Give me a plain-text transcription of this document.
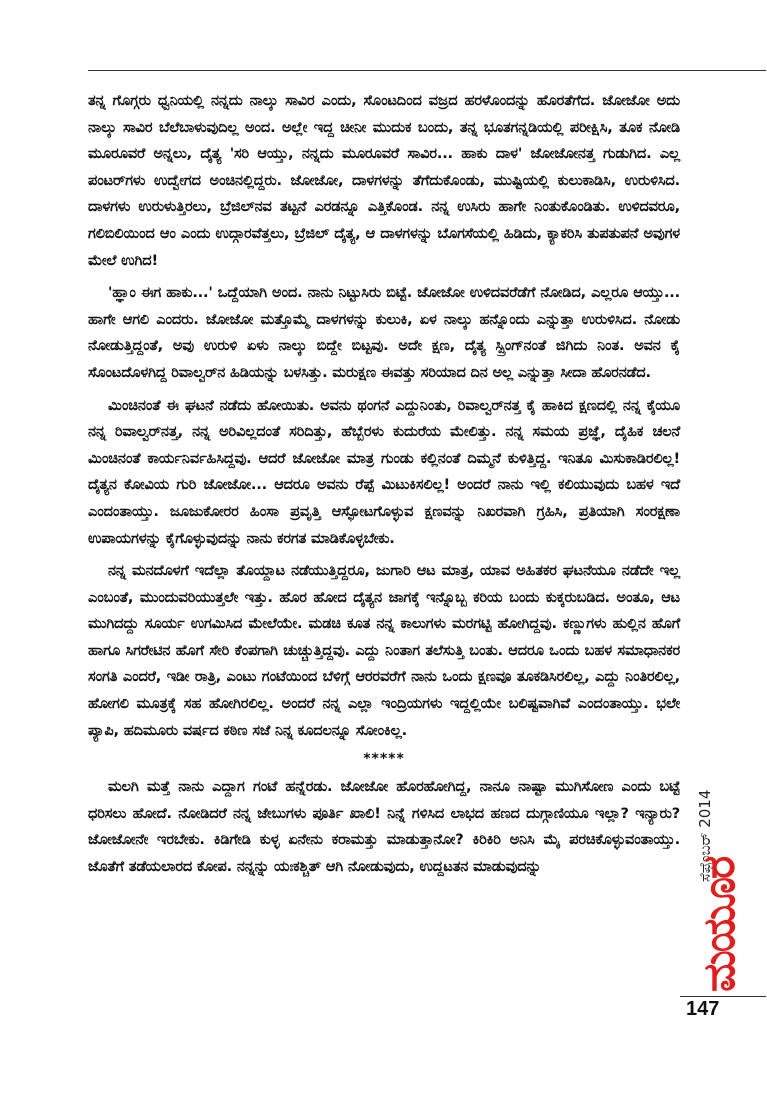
ತನ್ನ ಗೊಗ್ಗರು ಧ್ವನಿಯಲ್ಲಿ ನನ್ನದು ನಾಲ್ಕು ಸಾವಿರ ಎಂದು, ಸೊಂಟದಿಂದ ವಜ್ರದ ಹರಳೊಂದನ್ನು ಹೊರತೆಗೆದ. ಜೋಜೋ ಅದು ನಾಲ್ಕು ಸಾವಿರ ಬೆಲೆಬಾಳುವುದಿಲ್ಲ ಅಂದ. ಅಲ್ಲೇ ಇದ್ದ ಚೀನೀ ಮುದುಕ ಬಂದು, ತನ್ನ ಭೂತಗನ್ನಡಿಯಲ್ಲಿ ಪರೀಕ್ಷಿಸಿ, ತೂಕ ನೋಡಿ ಮೂರೂವರೆ ಅನ್ನಲು, ದೈತ್ಯ 'ಸರಿ ಆಯ್ತು, ನನ್ನದು ಮೂರೂವರೆ ಸಾವಿರ... ಹಾಕು ದಾಳ' ಜೋಜೋನತ್ತ ಗುಡುಗಿದ. ಎಲ್ಲ ಪಂಟರ್‌ಗಳು ಉದ್ವೇಗದ ಅಂಚಿನಲ್ಲಿದ್ದರು. ಜೋಜೋ, ದಾಳಗಳನ್ನು ತೆಗೆದುಕೊಂಡು, ಮುಷ್ಟಿಯಲ್ಲಿ ಕುಲುಕಾಡಿಸಿ, ಉರುಳಿಸಿದ. ದಾಳಗಳು ಉರುಳುತ್ತಿರಲು, ಬ್ರೆಜಿಲ್‌ನವ ತಟ್ಟನೆ ಎರಡನ್ನೂ ಎತ್ತಿಕೊಂಡ. ನನ್ನ ಉಸಿರು ಹಾಗೇ ನಿಂತುಕೊಂಡಿತು. ಉಳಿದವರೂ, ಗಲಿಬಿಲಿಯಿಂದ ಆಂ ಎಂದು ಉದ್ಗಾರವೆತ್ತಲು, ಬ್ರೆಜಿಲ್ ದೈತ್ಯ, ಆ ದಾಳಗಳನ್ನು ಬೊಗಸೆಯಲ್ಲಿ ಹಿಡಿದು, ಕ್ಯಾಕರಿಸಿ ತುಪತುಪನೆ ಅವುಗಳ ಮೇಲೆ ಉಗಿದ!

'ಹ್ಞಾಂ ಈಗ ಹಾಕು...' ಒದ್ದೆಯಾಗಿ ಅಂದ. ನಾನು ನಿಟ್ಟುಸಿರು ಬಿಟ್ಟೆ. ಜೋಜೋ ಉಳಿದವರೆಡೆಗೆ ನೋಡಿದ, ಎಲ್ಲರೂ ಆಯ್ತು... ಹಾಗೇ ಆಗಲಿ ಎಂದರು. ಜೋಜೋ ಮತ್ತೊಮ್ಮೆ ದಾಳಗಳನ್ನು ಕುಲುಕಿ, ಏಳ ನಾಲ್ಕು ಹನ್ನೊಂದು ಎನ್ನುತ್ತಾ ಉರುಳಿಸಿದ. ನೋಡು ನೋಡುತ್ತಿದ್ದಂತೆ, ಅವು ಉರುಳಿ ಏಳು ನಾಲ್ಕು ಬಿದ್ದೇ ಬಿಟ್ಟವು. ಅದೇ ಕ್ಷಣ, ದೈತ್ಯ ಸ್ಪ್ರಿಂಗ್‌ನಂತೆ ಜಿಗಿದು ನಿಂತ. ಅವನ ಕೈ ಸೊಂಟದೊಳಗಿದ್ದ ರಿವಾಲ್ವರ್‌ನ ಹಿಡಿಯನ್ನು ಬಳಸಿತ್ತು. ಮರುಕ್ಷಣ ಈವತ್ತು ಸರಿಯಾದ ದಿನ ಅಲ್ಲ ಎನ್ನುತ್ತಾ ಸೀದಾ ಹೊರನಡೆದ.

ಮಿಂಚಿನಂತೆ ಈ ಘಟನೆ ನಡೆದು ಹೋಯಿತು. ಅವನು ಥಂಗನೆ ಎದ್ದುನಿಂತು, ರಿವಾಲ್ವರ್‌ನತ್ತ ಕೈ ಹಾಕಿದ ಕ್ಷಣದಲ್ಲಿ ನನ್ನ ಕೈಯೂ ನನ್ನ ರಿವಾಲ್ವರ್‌ನತ್ತ, ನನ್ನ ಅರಿವಿಲ್ಲದಂತೆ ಸರಿದಿತ್ತು, ಹೆಬ್ಬೆರಳು ಕುದುರೆಯ ಮೇಲಿತ್ತು. ನನ್ನ ಸಮಯ ಪ್ರಜ್ಞೆ, ದೈಹಿಕ ಚಲನೆ ಮಿಂಚಿನಂತೆ ಕಾರ್ಯನಿರ್ವಹಿಸಿದ್ದವು. ಆದರೆ ಜೋಜೋ ಮಾತ್ರ ಗುಂಡು ಕಲ್ಲಿನಂತೆ ದಿಮ್ಮನೆ ಕುಳಿತ್ತಿದ್ದ. ಇನಿತೂ ಮಿಸುಕಾಡಿರಲಿಲ್ಲ! ದೈತ್ಯನ ಕೋವಿಯ ಗುರಿ ಜೋಜೋ... ಆದರೂ ಅವನು ರೆಪ್ಪೆ ಮಿಟುಕಿಸಲಿಲ್ಲ! ಅಂದರೆ ನಾನು ಇಲ್ಲಿ ಕಲಿಯುವುದು ಬಹಳ ಇದೆ ಎಂದಂತಾಯ್ತು. ಜೂಜುಕೋರರ ಹಿಂಸಾ ಪ್ರವೃತ್ತಿ ಆಸ್ಫೋಟಗೊಳ್ಳುವ ಕ್ಷಣವನ್ನು ನಿಖರವಾಗಿ ಗ್ರಹಿಸಿ, ಪ್ರತಿಯಾಗಿ ಸಂರಕ್ಷಣಾ ಉಪಾಯಗಳನ್ನು ಕೈಗೊಳ್ಳುವುದನ್ನು ನಾನು ಕರಗತ ಮಾಡಿಕೊಳ್ಳಬೇಕು.

ನನ್ನ ಮನದೊಳಗೆ ಇದೆಲ್ಲಾ ತೊಯ್ದಾಟ ನಡೆಯುತ್ತಿದ್ದರೂ, ಜುಗಾರಿ ಆಟ ಮಾತ್ರ, ಯಾವ ಅಹಿತಕರ ಘಟನೆಯೂ ನಡೆದೇ ಇಲ್ಲ ಎಂಬಂತೆ, ಮುಂದುವರಿಯುತ್ತಲೇ ಇತ್ತು. ಹೊರ ಹೋದ ದೈತ್ಯನ ಜಾಗಕ್ಕೆ ಇನ್ನೊಬ್ಬ ಕರಿಯ ಬಂದು ಕುಕ್ಕರುಬಡಿದ. ಅಂತೂ, ಆಟ ಮುಗಿದದ್ದು ಸೂರ್ಯ ಉಗಮಿಸಿದ ಮೇಲೆಯೇ. ಮಡಚಿ ಕೂತ ನನ್ನ ಕಾಲುಗಳು ಮರಗಟ್ಟಿ ಹೋಗಿದ್ದವು. ಕಣ್ಣುಗಳು ಹುಲ್ಲಿನ ಹೊಗೆ ಹಾಗೂ ಸಿಗರೇಟಿನ ಹೊಗೆ ಸೇರಿ ಕೆಂಪಗಾಗಿ ಚುಚ್ಚುತ್ತಿದ್ದವು. ಎದ್ದು ನಿಂತಾಗ ತಲೆಸುತ್ತಿ ಬಂತು. ಆದರೂ ಒಂದು ಬಹಳ ಸಮಾಧಾನಕರ ಸಂಗತಿ ಎಂದರೆ, ಇಡೀ ರಾತ್ರಿ, ಎಂಟು ಗಂಟೆಯಿಂದ ಬೆಳಿಗ್ಗೆ ಆರರವರೆಗೆ ನಾನು ಒಂದು ಕ್ಷಣವೂ ತೂಕಡಿಸಿರಲಿಲ್ಲ, ಎದ್ದು ನಿಂತಿರಲಿಲ್ಲ, ಹೋಗಲಿ ಮೂತ್ರಕ್ಕೆ ಸಹ ಹೋಗಿರಲಿಲ್ಲ. ಅಂದರೆ ನನ್ನ ಎಲ್ಲಾ ಇಂದ್ರಿಯಗಳು ಇದ್ದಲ್ಲಿಯೇ ಬಲಿಷ್ಟವಾಗಿವೆ ಎಂದಂತಾಯ್ತು. ಭಲೇ ಪ್ಯಾಪಿ, ಹದಿಮೂರು ವರ್ಷದ ಕಠಿಣ ಸಜೆ ನಿನ್ನ ಕೂದಲನ್ನೂ ಸೋಂಕಿಲ್ಲ.

*****

ಮಲಗಿ ಮತ್ತೆ ನಾನು ಎದ್ದಾಗ ಗಂಟೆ ಹನ್ನೆರಡು. ಜೋಜೋ ಹೊರಹೋಗಿದ್ದ, ನಾನೂ ನಾಷ್ಟಾ ಮುಗಿಸೋಣ ಎಂದು ಬಟ್ಟೆ ಧರಿಸಲು ಹೋದೆ. ನೋಡಿದರೆ ನನ್ನ ಜೇಬುಗಳು ಪೂರ್ತಿ ಖಾಲಿ! ನಿನ್ನೆ ಗಳಿಸಿದ ಲಾಭದ ಹಣದ ದುಗ್ಗಾಣಿಯೂ ಇಲ್ಲಾ? ಇನ್ಯಾರು? ಜೋಜೋನೇ ಇರಬೇಕು. ಕಿಡಿಗೇಡಿ ಕುಳ್ಳ ಏನೇನು ಕರಾಮತ್ತು ಮಾಡುತ್ತಾನೋ? ಕಿರಿಕಿರಿ ಅನಿಸಿ ಮೈ ಪರಚಿಕೊಳ್ಳುವಂತಾಯ್ತು. ಜೊತೆಗೆ ತಡೆಯಲಾರದ ಕೋಪ. ನನ್ನನ್ನು ಯಃಕಶ್ಚಿತ್ ಆಗಿ ನೋಡುವುದು, ಉದ್ದಟತನ ಮಾಡುವುದನ್ನು	ಸೆಪ್ಟೆಂಬರ್ 2014
ಮಯೂರ
147
